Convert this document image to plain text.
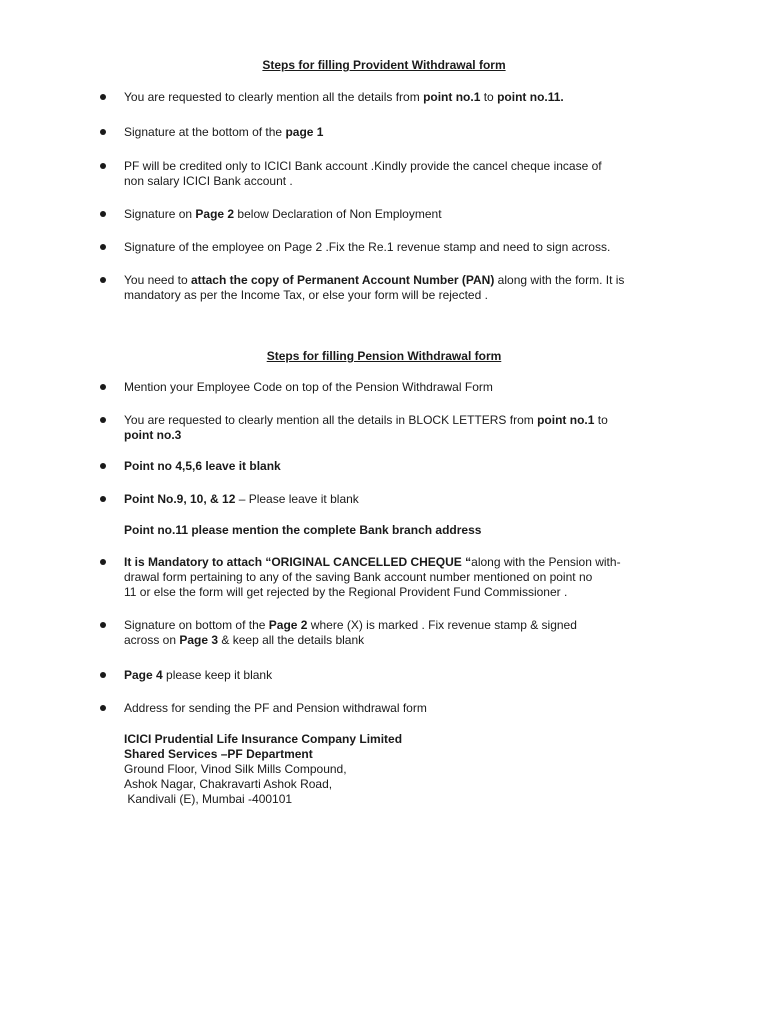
Steps for filling Provident Withdrawal form
You are requested to clearly mention all the details from point no.1 to point no.11.
Signature at the bottom of the page 1
PF will be credited only to ICICI Bank account .Kindly provide the cancel cheque incase of
non salary ICICI Bank account .
Signature on Page 2 below Declaration of Non Employment
Signature of the employee on Page 2 .Fix the Re.1 revenue stamp and need to sign across.
You need to attach the copy of Permanent Account Number (PAN) along with the form. It is
mandatory as per the Income Tax, or else your form will be rejected .
Steps for filling Pension Withdrawal form
Mention your Employee Code on top of the Pension Withdrawal Form
You are requested to clearly mention all the details in BLOCK LETTERS from point no.1 to
point no.3
Point no 4,5,6 leave it blank
Point No.9, 10, & 12 – Please leave it blank
Point no.11 please mention the complete Bank branch address
It is Mandatory to attach “ORIGINAL CANCELLED CHEQUE “along with the Pension with-
drawal form pertaining to any of the saving Bank account number mentioned on point no
11 or else the form will get rejected by the Regional Provident Fund Commissioner .
Signature on bottom of the Page 2 where (X) is marked . Fix revenue stamp & signed
across on Page 3 & keep all the details blank
Page 4 please keep it blank
Address for sending the PF and Pension withdrawal form
ICICI Prudential Life Insurance Company Limited
Shared Services –PF Department
Ground Floor, Vinod Silk Mills Compound,
Ashok Nagar, Chakravarti Ashok Road,
Kandivali (E), Mumbai -400101
